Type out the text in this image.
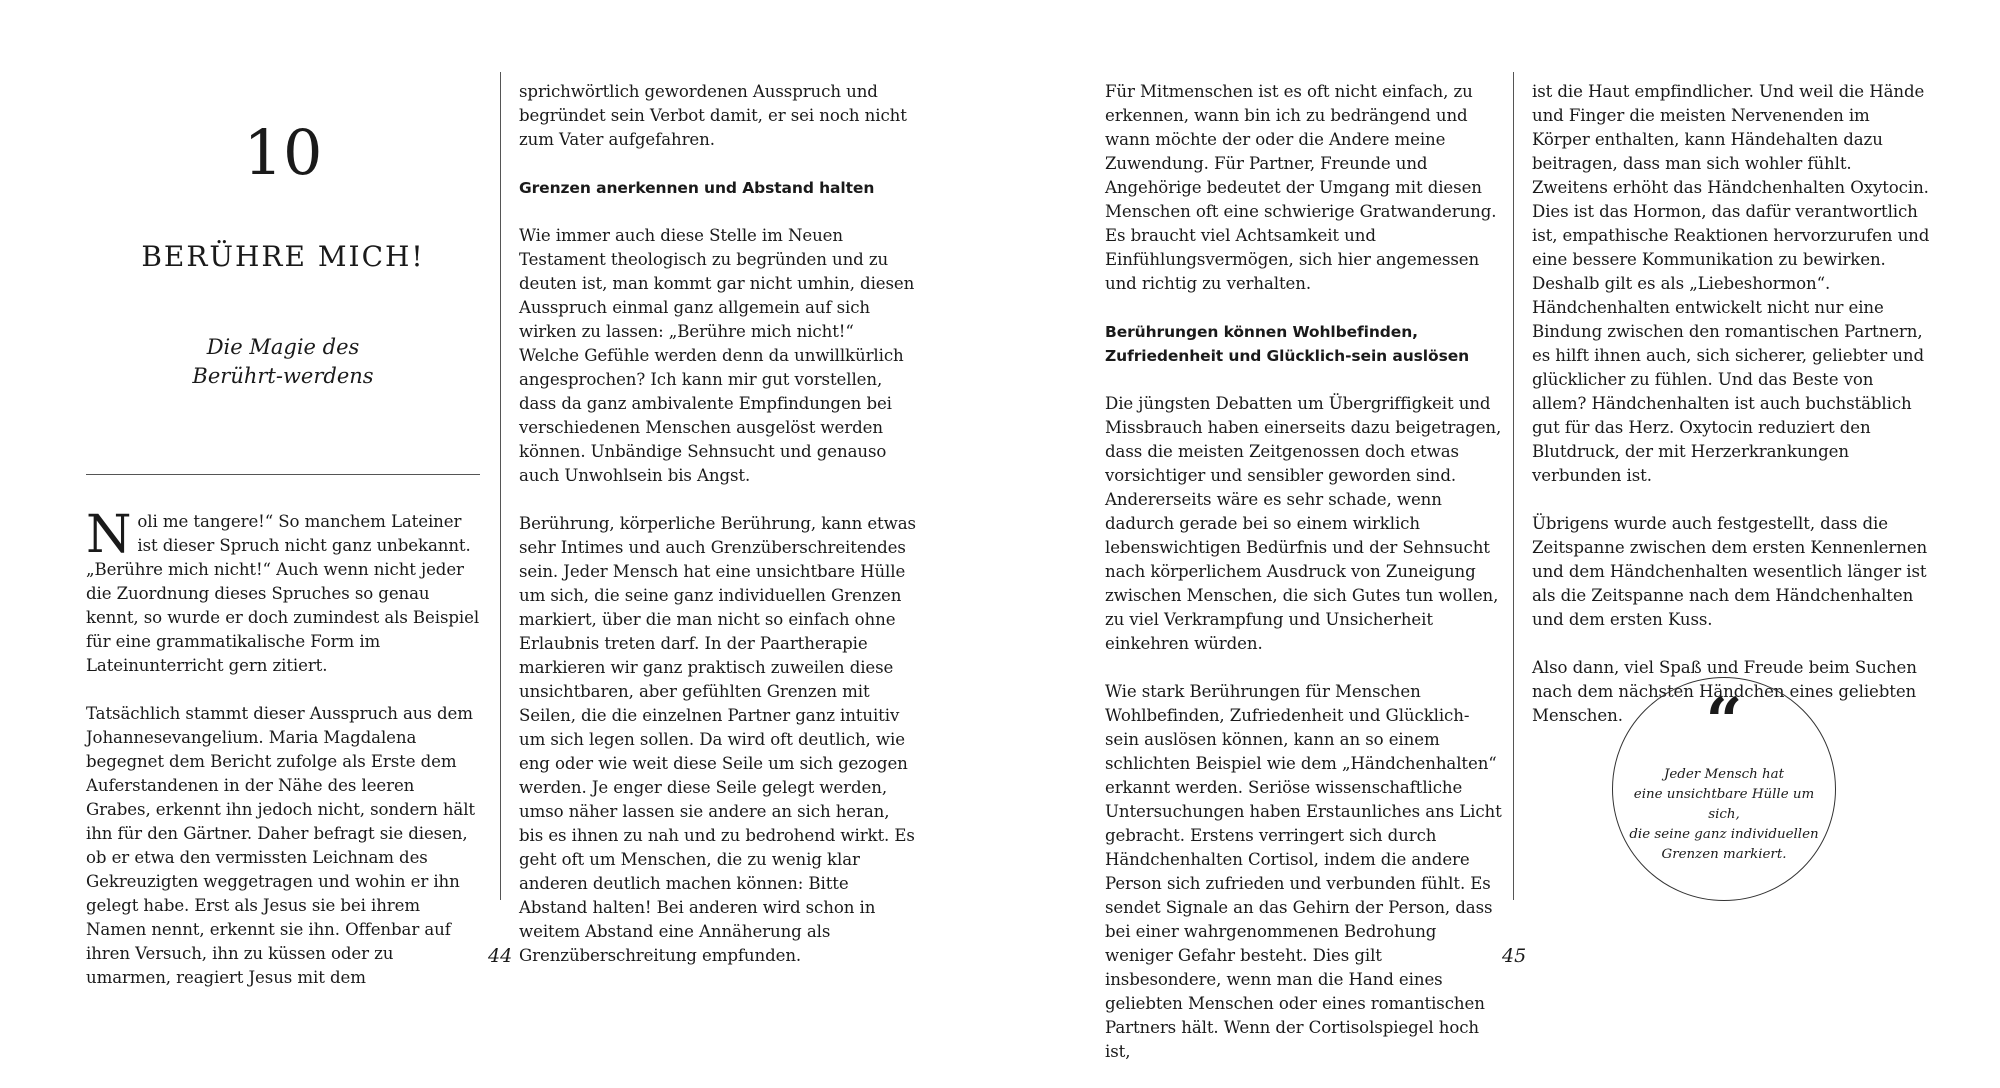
10
BERÜHRE MICH!
Die Magie des
Berührt-werdens

Noli me tangere!“ So manchem Lateiner ist dieser Spruch nicht ganz unbekannt. „Berühre mich nicht!“ Auch wenn nicht jeder die Zuordnung dieses Spruches so genau kennt, so wurde er doch zumindest als Beispiel für eine grammatikalische Form im Lateinunterricht gern zitiert.

Tatsächlich stammt dieser Ausspruch aus dem Johannesevangelium. Maria Magdalena begegnet dem Bericht zufolge als Erste dem Auferstandenen in der Nähe des leeren Grabes, erkennt ihn jedoch nicht, sondern hält ihn für den Gärtner. Daher befragt sie diesen, ob er etwa den vermissten Leichnam des Gekreuzigten weggetragen und wohin er ihn gelegt habe. Erst als Jesus sie bei ihrem Namen nennt, erkennt sie ihn. Offenbar auf ihren Versuch, ihn zu küssen oder zu umarmen, reagiert Jesus mit dem

sprichwörtlich gewordenen Ausspruch und begründet sein Verbot damit, er sei noch nicht zum Vater aufgefahren.

Grenzen anerkennen und Abstand halten

Wie immer auch diese Stelle im Neuen Testament theologisch zu begründen und zu deuten ist, man kommt gar nicht umhin, diesen Ausspruch einmal ganz allgemein auf sich wirken zu lassen: „Berühre mich nicht!“ Welche Gefühle werden denn da unwillkürlich angesprochen? Ich kann mir gut vorstellen, dass da ganz ambivalente Empfindungen bei verschiedenen Menschen ausgelöst werden können. Unbändige Sehnsucht und genauso auch Unwohlsein bis Angst.

Berührung, körperliche Berührung, kann etwas sehr Intimes und auch Grenzüberschreitendes sein. Jeder Mensch hat eine unsichtbare Hülle um sich, die seine ganz individuellen Grenzen markiert, über die man nicht so einfach ohne Erlaubnis treten darf. In der Paartherapie markieren wir ganz praktisch zuweilen diese unsichtbaren, aber gefühlten Grenzen mit Seilen, die die einzelnen Partner ganz intuitiv um sich legen sollen. Da wird oft deutlich, wie eng oder wie weit diese Seile um sich gezogen werden. Je enger diese Seile gelegt werden, umso näher lassen sie andere an sich heran, bis es ihnen zu nah und zu bedrohend wirkt. Es geht oft um Menschen, die zu wenig klar anderen deutlich machen können: Bitte Abstand halten! Bei anderen wird schon in weitem Abstand eine Annäherung als Grenzüberschreitung empfunden.

44

Für Mitmenschen ist es oft nicht einfach, zu erkennen, wann bin ich zu bedrängend und wann möchte der oder die Andere meine Zuwendung. Für Partner, Freunde und Angehörige bedeutet der Umgang mit diesen Menschen oft eine schwierige Gratwanderung. Es braucht viel Achtsamkeit und Einfühlungsvermögen, sich hier angemessen und richtig zu verhalten.

Berührungen können Wohlbefinden,
Zufriedenheit und Glücklich-sein auslösen

Die jüngsten Debatten um Übergriffigkeit und Missbrauch haben einerseits dazu beigetragen, dass die meisten Zeitgenossen doch etwas vorsichtiger und sensibler geworden sind. Andererseits wäre es sehr schade, wenn dadurch gerade bei so einem wirklich lebenswichtigen Bedürfnis und der Sehnsucht nach körperlichem Ausdruck von Zuneigung zwischen Menschen, die sich Gutes tun wollen, zu viel Verkrampfung und Unsicherheit einkehren würden.

Wie stark Berührungen für Menschen Wohlbefinden, Zufriedenheit und Glücklich-sein auslösen können, kann an so einem schlichten Beispiel wie dem „Händchenhalten“ erkannt werden. Seriöse wissenschaftliche Untersuchungen haben Erstaunliches ans Licht gebracht. Erstens verringert sich durch Händchenhalten Cortisol, indem die andere Person sich zufrieden und verbunden fühlt. Es sendet Signale an das Gehirn der Person, dass bei einer wahrgenommenen Bedrohung weniger Gefahr besteht. Dies gilt insbesondere, wenn man die Hand eines geliebten Menschen oder eines romantischen Partners hält. Wenn der Cortisolspiegel hoch ist,

ist die Haut empfindlicher. Und weil die Hände und Finger die meisten Nervenenden im Körper enthalten, kann Händehalten dazu beitragen, dass man sich wohler fühlt. Zweitens erhöht das Händchenhalten Oxytocin. Dies ist das Hormon, das dafür verantwortlich ist, empathische Reaktionen hervorzurufen und eine bessere Kommunikation zu bewirken. Deshalb gilt es als „Liebeshormon“. Händchenhalten entwickelt nicht nur eine Bindung zwischen den romantischen Partnern, es hilft ihnen auch, sich sicherer, geliebter und glücklicher zu fühlen. Und das Beste von allem? Händchenhalten ist auch buchstäblich gut für das Herz. Oxytocin reduziert den Blutdruck, der mit Herzerkrankungen verbunden ist.

Übrigens wurde auch festgestellt, dass die Zeitspanne zwischen dem ersten Kennenlernen und dem Händchenhalten wesentlich länger ist als die Zeitspanne nach dem Händchenhalten und dem ersten Kuss.

Also dann, viel Spaß und Freude beim Suchen nach dem nächsten Händchen eines geliebten Menschen.	“
Jeder Mensch hat
eine unsichtbare Hülle um sich,
die seine ganz individuellen
Grenzen markiert.
45
